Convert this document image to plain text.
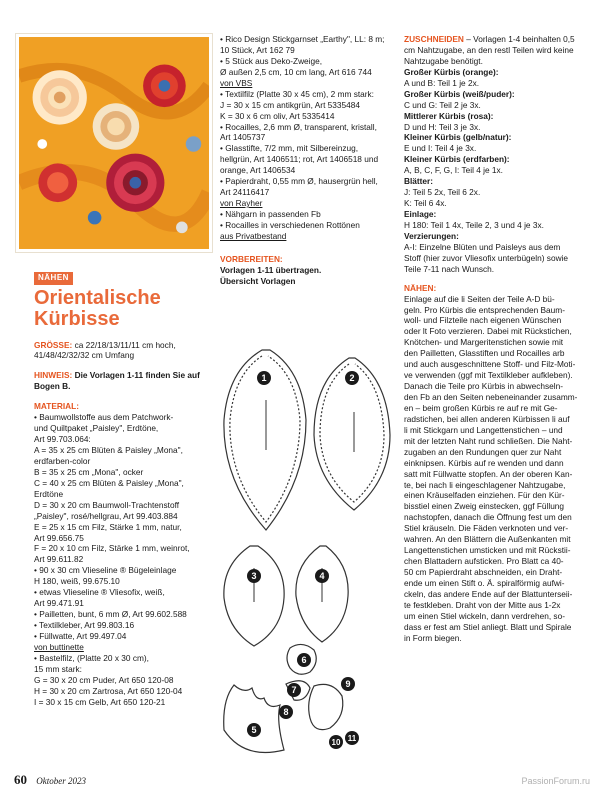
NÄHEN
Orientalische
Kürbisse

GRÖSSE: ca 22/18/13/11/11 cm hoch, 41/48/42/32/32 cm Umfang

HINWEIS: Die Vorlagen 1-11 finden Sie auf Bogen B.

MATERIAL:
• Baumwollstoffe aus dem Patchwork-
und Quiltpaket „Paisley", Erdtöne,
Art 99.703.064:
A = 35 x 25 cm Blüten & Paisley „Mona",
erdfarben-color
B = 35 x 25 cm „Mona", ocker
C = 40 x 25 cm Blüten & Paisley „Mona",
Erdtöne
D = 30 x 20 cm Baumwoll-Trachtenstoff
„Paisley", rosé/hellgrau, Art 99.403.884
E = 25 x 15 cm Filz, Stärke 1 mm, natur,
Art 99.656.75
F = 20 x 10 cm Filz, Stärke 1 mm, weinrot,
Art 99.611.82
• 90 x 30 cm Vlieseline ® Bügeleinlage
H 180, weiß, 99.675.10
• etwas Vlieseline ® Vliesofix, weiß,
Art 99.471.91
• Pailletten, bunt, 6 mm Ø, Art 99.602.588
• Textilkleber, Art 99.803.16
• Füllwatte, Art 99.497.04
von buttinette
• Bastelfilz, (Platte 20 x 30 cm),
15 mm stark:
G = 30 x 20 cm Puder, Art 650 120-08
H = 30 x 20 cm Zartrosa, Art 650 120-04
I = 30 x 15 cm Gelb, Art 650 120-21
• Rico Design Stickgarnset „Earthy", LL: 8 m;
10 Stück, Art 162 79
• 5 Stück aus Deko-Zweige,
Ø außen 2,5 cm, 10 cm lang, Art 616 744
von VBS
• Textilfilz (Platte 30 x 45 cm), 2 mm stark:
J = 30 x 15 cm antikgrün, Art 5335484
K = 30 x 6 cm oliv, Art 5335414
• Rocailles, 2,6 mm Ø, transparent, kristall,
Art 1405737
• Glasstifte, 7/2 mm, mit Silbereinzug,
hellgrün, Art 1406511; rot, Art 1406518 und
orange, Art 1406534
• Papierdraht, 0,55 mm Ø, hausergrün hell,
Art 24116417
von Rayher
• Nähgarn in passenden Fb
• Rocailles in verschiedenen Rottönen
aus Privatbestand
VORBEREITEN:
Vorlagen 1-11 übertragen.
Übersicht Vorlagen
1	2
3	4
5
6
7
8
9
10 11
ZUSCHNEIDEN – Vorlagen 1-4 beinhalten 0,5 cm Nahtzugabe, an den restl Teilen wird keine Nahtzugabe benötigt.
Großer Kürbis (orange):
A und B: Teil 1 je 2x.
Großer Kürbis (weiß/puder):
C und G: Teil 2 je 3x.
Mittlerer Kürbis (rosa):
D und H: Teil 3 je 3x.
Kleiner Kürbis (gelb/natur):
E und I: Teil 4 je 3x.
Kleiner Kürbis (erdfarben):
A, B, C, F, G, I: Teil 4 je 1x.
Blätter:
J: Teil 5 2x, Teil 6 2x.
K: Teil 6 4x.
Einlage:
H 180: Teil 1 4x, Teile 2, 3 und 4 je 3x.
Verzierungen:
A-I: Einzelne Blüten und Paisleys aus dem
Stoff (hier zuvor Vliesofix unterbügeln) sowie
Teile 7-11 nach Wunsch.
NÄHEN:
Einlage auf die li Seiten der Teile A-D bü-
geln. Pro Kürbis die entsprechenden Baum-
woll- und Filzteile nach eigenen Wünschen
oder lt Foto verzieren. Dabei mit Rückstichen,
Knötchen- und Margeritenstichen sowie mit
den Pailletten, Glasstiften und Rocailles arb
und auch ausgeschnittene Stoff- und Filz-Moti-
ve verwenden (ggf mit Textilkleber aufkleben).
Danach die Teile pro Kürbis in abwechseln-
den Fb an den Seiten nebeneinander zusamm-
en – beim großen Kürbis re auf re mit Ge-
radstichen, bei allen anderen Kürbissen li auf
li mit Stickgarn und Langettenstichen – und
mit der letzten Naht rund schließen. Die Naht-
zugaben an den Rundungen quer zur Naht
einknipsen. Kürbis auf re wenden und dann
satt mit Füllwatte stopfen. An der oberen Kan-
te, bei nach li eingeschlagener Nahtzugabe,
einen Kräuselfaden einziehen. Für den Kür-
bisstiel einen Zweig einstecken, ggf Füllung
nachstopfen, danach die Öffnung fest um den
Stiel kräuseln. Die Fäden verknoten und ver-
wahren. An den Blättern die Außenkanten mit
Langettenstichen umsticken und mit Rückstii-
chen Blattadern aufsticken. Pro Blatt ca 40-
50 cm Papierdraht abschneiden, ein Draht-
ende um einen Stift o. Ä. spiralförmig aufwi-
ckeln, das andere Ende auf der Blattunterseii-
te festkleben. Draht von der Mitte aus 1-2x
um einen Stiel wickeln, dann verdrehen, so-
dass er fest am Stiel anliegt. Blatt und Spirale
in Form biegen.
60 Oktober 2023	PassionForum.ru
